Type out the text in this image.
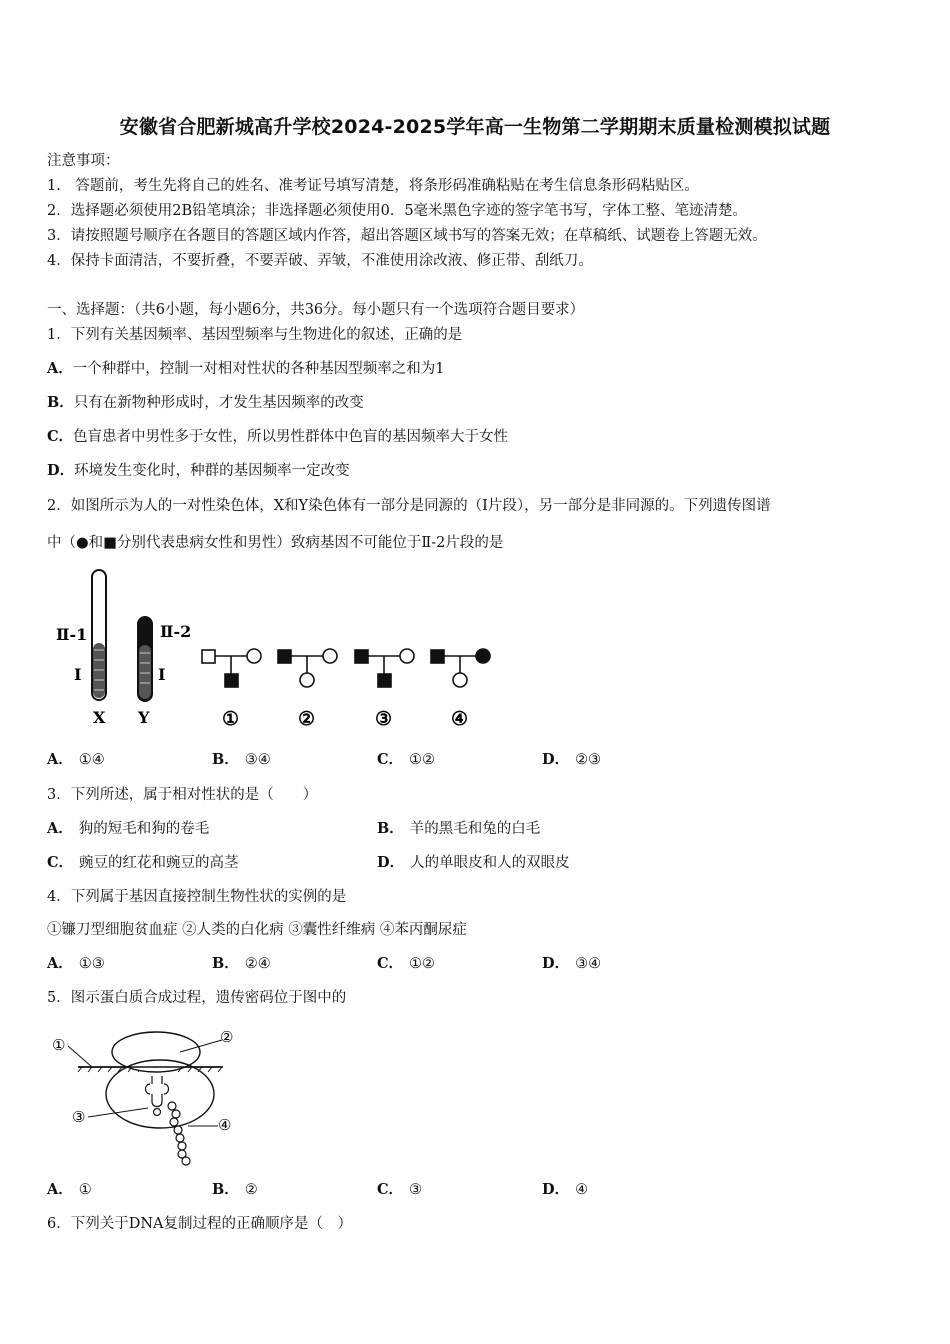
安徽省合肥新城高升学校2024-2025学年高一生物第二学期期末质量检测模拟试题
注意事项：
1.　答题前，考生先将自己的姓名、准考证号填写清楚，将条形码准确粘贴在考生信息条形码粘贴区。
2．选择题必须使用2B铅笔填涂；非选择题必须使用0．5毫米黑色字迹的签字笔书写，字体工整、笔迹清楚。
3．请按照题号顺序在各题目的答题区域内作答，超出答题区域书写的答案无效；在草稿纸、试题卷上答题无效。
4．保持卡面清洁，不要折叠，不要弄破、弄皱，不准使用涂改液、修正带、刮纸刀。
一、选择题：（共6小题，每小题6分，共36分。每小题只有一个选项符合题目要求）
1．下列有关基因频率、基因型频率与生物进化的叙述，正确的是
A．一个种群中，控制一对相对性状的各种基因型频率之和为1
B．只有在新物种形成时，才发生基因频率的改变
C．色盲患者中男性多于女性，所以男性群体中色盲的基因频率大于女性
D．环境发生变化时，种群的基因频率一定改变
2．如图所示为人的一对性染色体，X和Y染色体有一部分是同源的（Ⅰ片段），另一部分是非同源的。下列遗传图谱
中（●和■分别代表患病女性和男性）致病基因不可能位于Ⅱ-2片段的是
Ⅱ-1
I
Ⅱ-2
I
X Y	①	②	③	④
A． ①④	B． ③④	C． ①②	D． ②③
3．下列所述，属于相对性状的是（　　）
A． 狗的短毛和狗的卷毛	B． 羊的黑毛和兔的白毛
C． 豌豆的红花和豌豆的高茎	D． 人的单眼皮和人的双眼皮
4．下列属于基因直接控制生物性状的实例的是
①镰刀型细胞贫血症 ②人类的白化病 ③囊性纤维病 ④苯丙酮尿症
A． ①③	B． ②④	C． ①②	D． ③④
5．图示蛋白质合成过程，遗传密码位于图中的
①	②
③	④
A． ①	B． ②	C． ③	D． ④
6．下列关于DNA复制过程的正确顺序是（　）
